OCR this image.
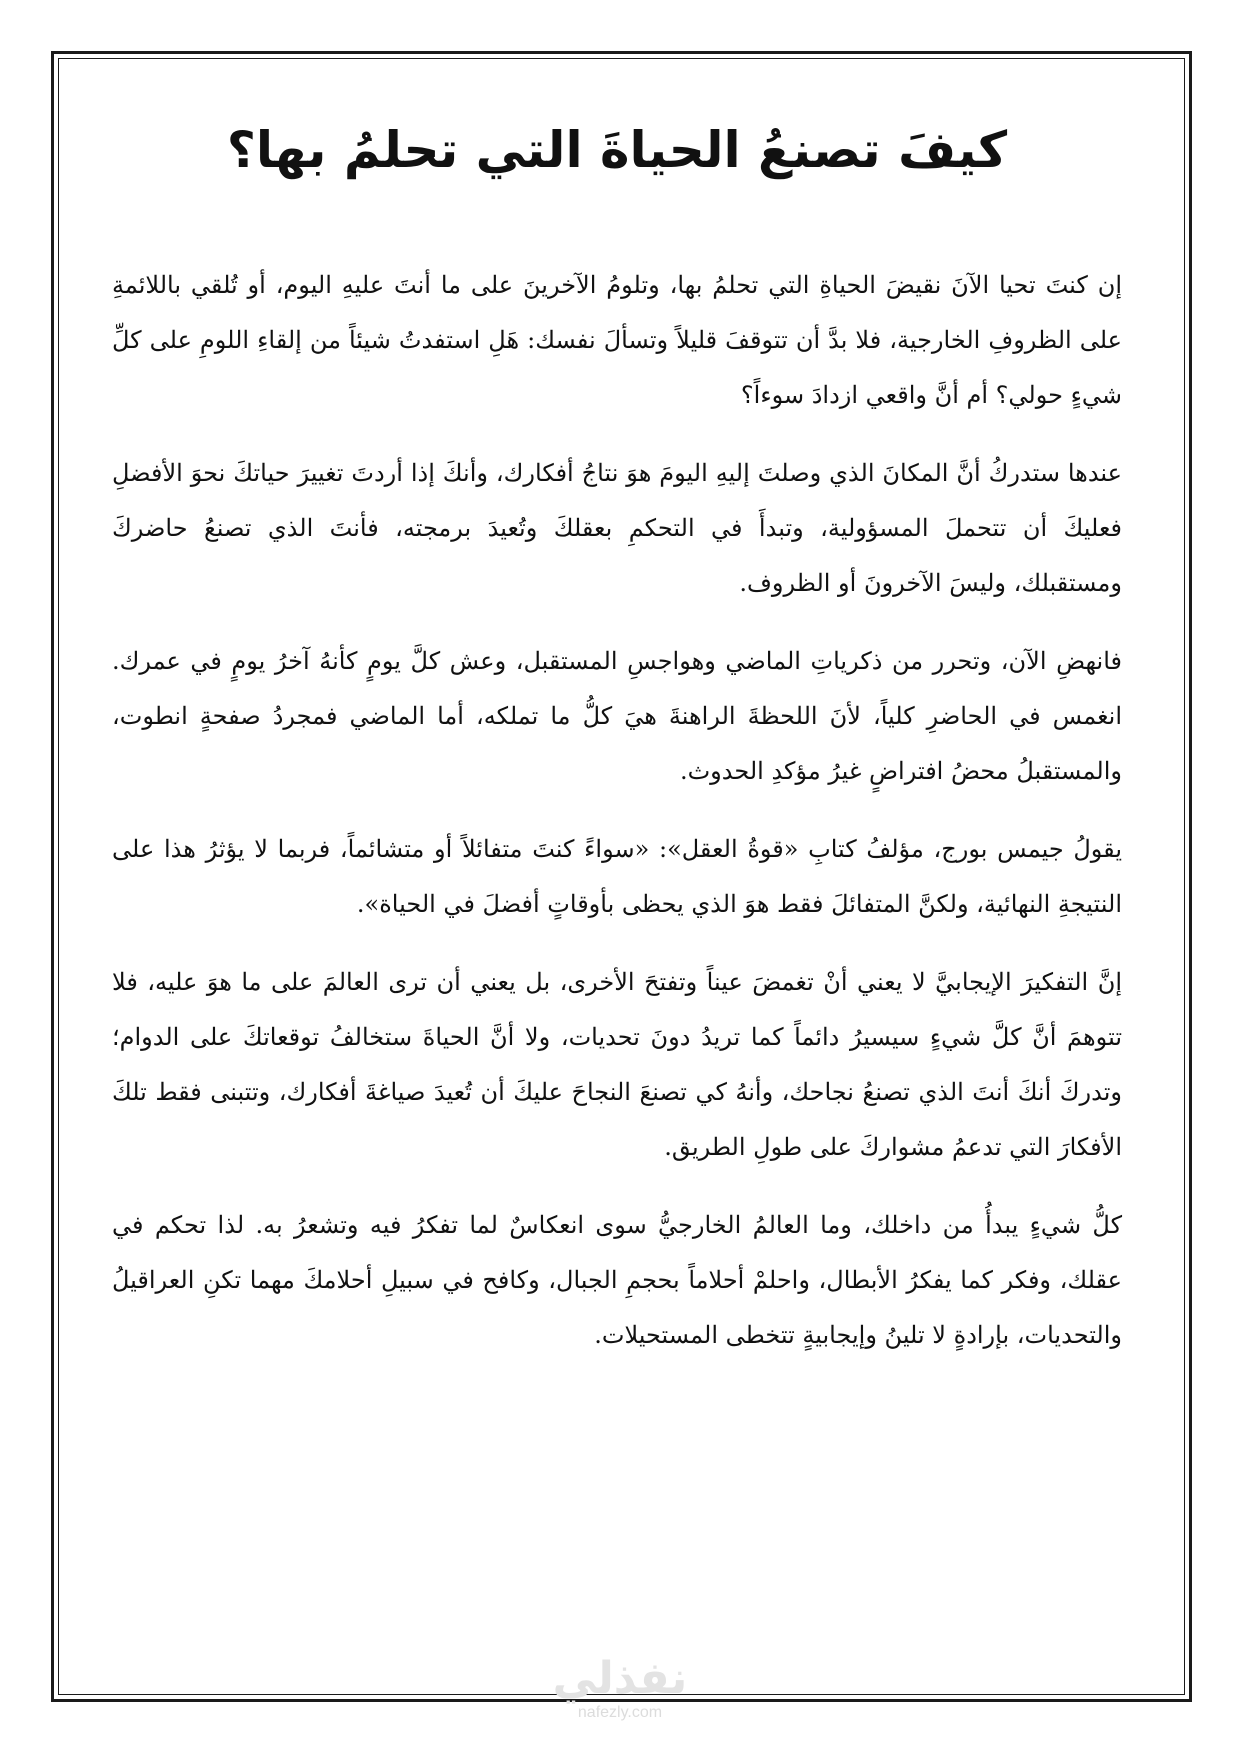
كيفَ تصنعُ الحياةَ التي تحلمُ بها؟

إن كنتَ تحيا الآنَ نقيضَ الحياةِ التي تحلمُ بها، وتلومُ الآخرينَ على ما أنتَ عليهِ اليوم، أو تُلقي باللائمةِ على الظروفِ الخارجية، فلا بدَّ أن تتوقفَ قليلاً وتسألَ نفسك: هَلِ استفدتُ شيئاً من إلقاءِ اللومِ على كلِّ شيءٍ حولي؟ أم أنَّ واقعي ازدادَ سوءاً؟

عندها ستدركُ أنَّ المكانَ الذي وصلتَ إليهِ اليومَ هوَ نتاجُ أفكارك، وأنكَ إذا أردتَ تغييرَ حياتكَ نحوَ الأفضلِ فعليكَ أن تتحملَ المسؤولية، وتبدأَ في التحكمِ بعقلكَ وتُعيدَ برمجته، فأنتَ الذي تصنعُ حاضركَ ومستقبلك، وليسَ الآخرونَ أو الظروف.

فانهضِ الآن، وتحرر من ذكرياتِ الماضي وهواجسِ المستقبل، وعش كلَّ يومٍ كأنهُ آخرُ يومٍ في عمرك. انغمس في الحاضرِ كلياً، لأنَ اللحظةَ الراهنةَ هيَ كلُّ ما تملكه، أما الماضي فمجردُ صفحةٍ انطوت، والمستقبلُ محضُ افتراضٍ غيرُ مؤكدِ الحدوث.

يقولُ جيمس بورج، مؤلفُ كتابِ «قوةُ العقل»: «سواءً كنتَ متفائلاً أو متشائماً، فربما لا يؤثرُ هذا على النتيجةِ النهائية، ولكنَّ المتفائلَ فقط هوَ الذي يحظى بأوقاتٍ أفضلَ في الحياة».

إنَّ التفكيرَ الإيجابيَّ لا يعني أنْ تغمضَ عيناً وتفتحَ الأخرى، بل يعني أن ترى العالمَ على ما هوَ عليه، فلا تتوهمَ أنَّ كلَّ شيءٍ سيسيرُ دائماً كما تريدُ دونَ تحديات، ولا أنَّ الحياةَ ستخالفُ توقعاتكَ على الدوام؛ وتدركَ أنكَ أنتَ الذي تصنعُ نجاحك، وأنهُ كي تصنعَ النجاحَ عليكَ أن تُعيدَ صياغةَ أفكارك، وتتبنى فقط تلكَ الأفكارَ التي تدعمُ مشواركَ على طولِ الطريق.

كلُّ شيءٍ يبدأُ من داخلك، وما العالمُ الخارجيُّ سوى انعكاسٌ لما تفكرُ فيه وتشعرُ به. لذا تحكم في عقلك، وفكر كما يفكرُ الأبطال، واحلمْ أحلاماً بحجمِ الجبال، وكافح في سبيلِ أحلامكَ مهما تكنِ العراقيلُ والتحديات، بإرادةٍ لا تلينُ وإيجابيةٍ تتخطى المستحيلات.

نفذلي
nafezly.com
